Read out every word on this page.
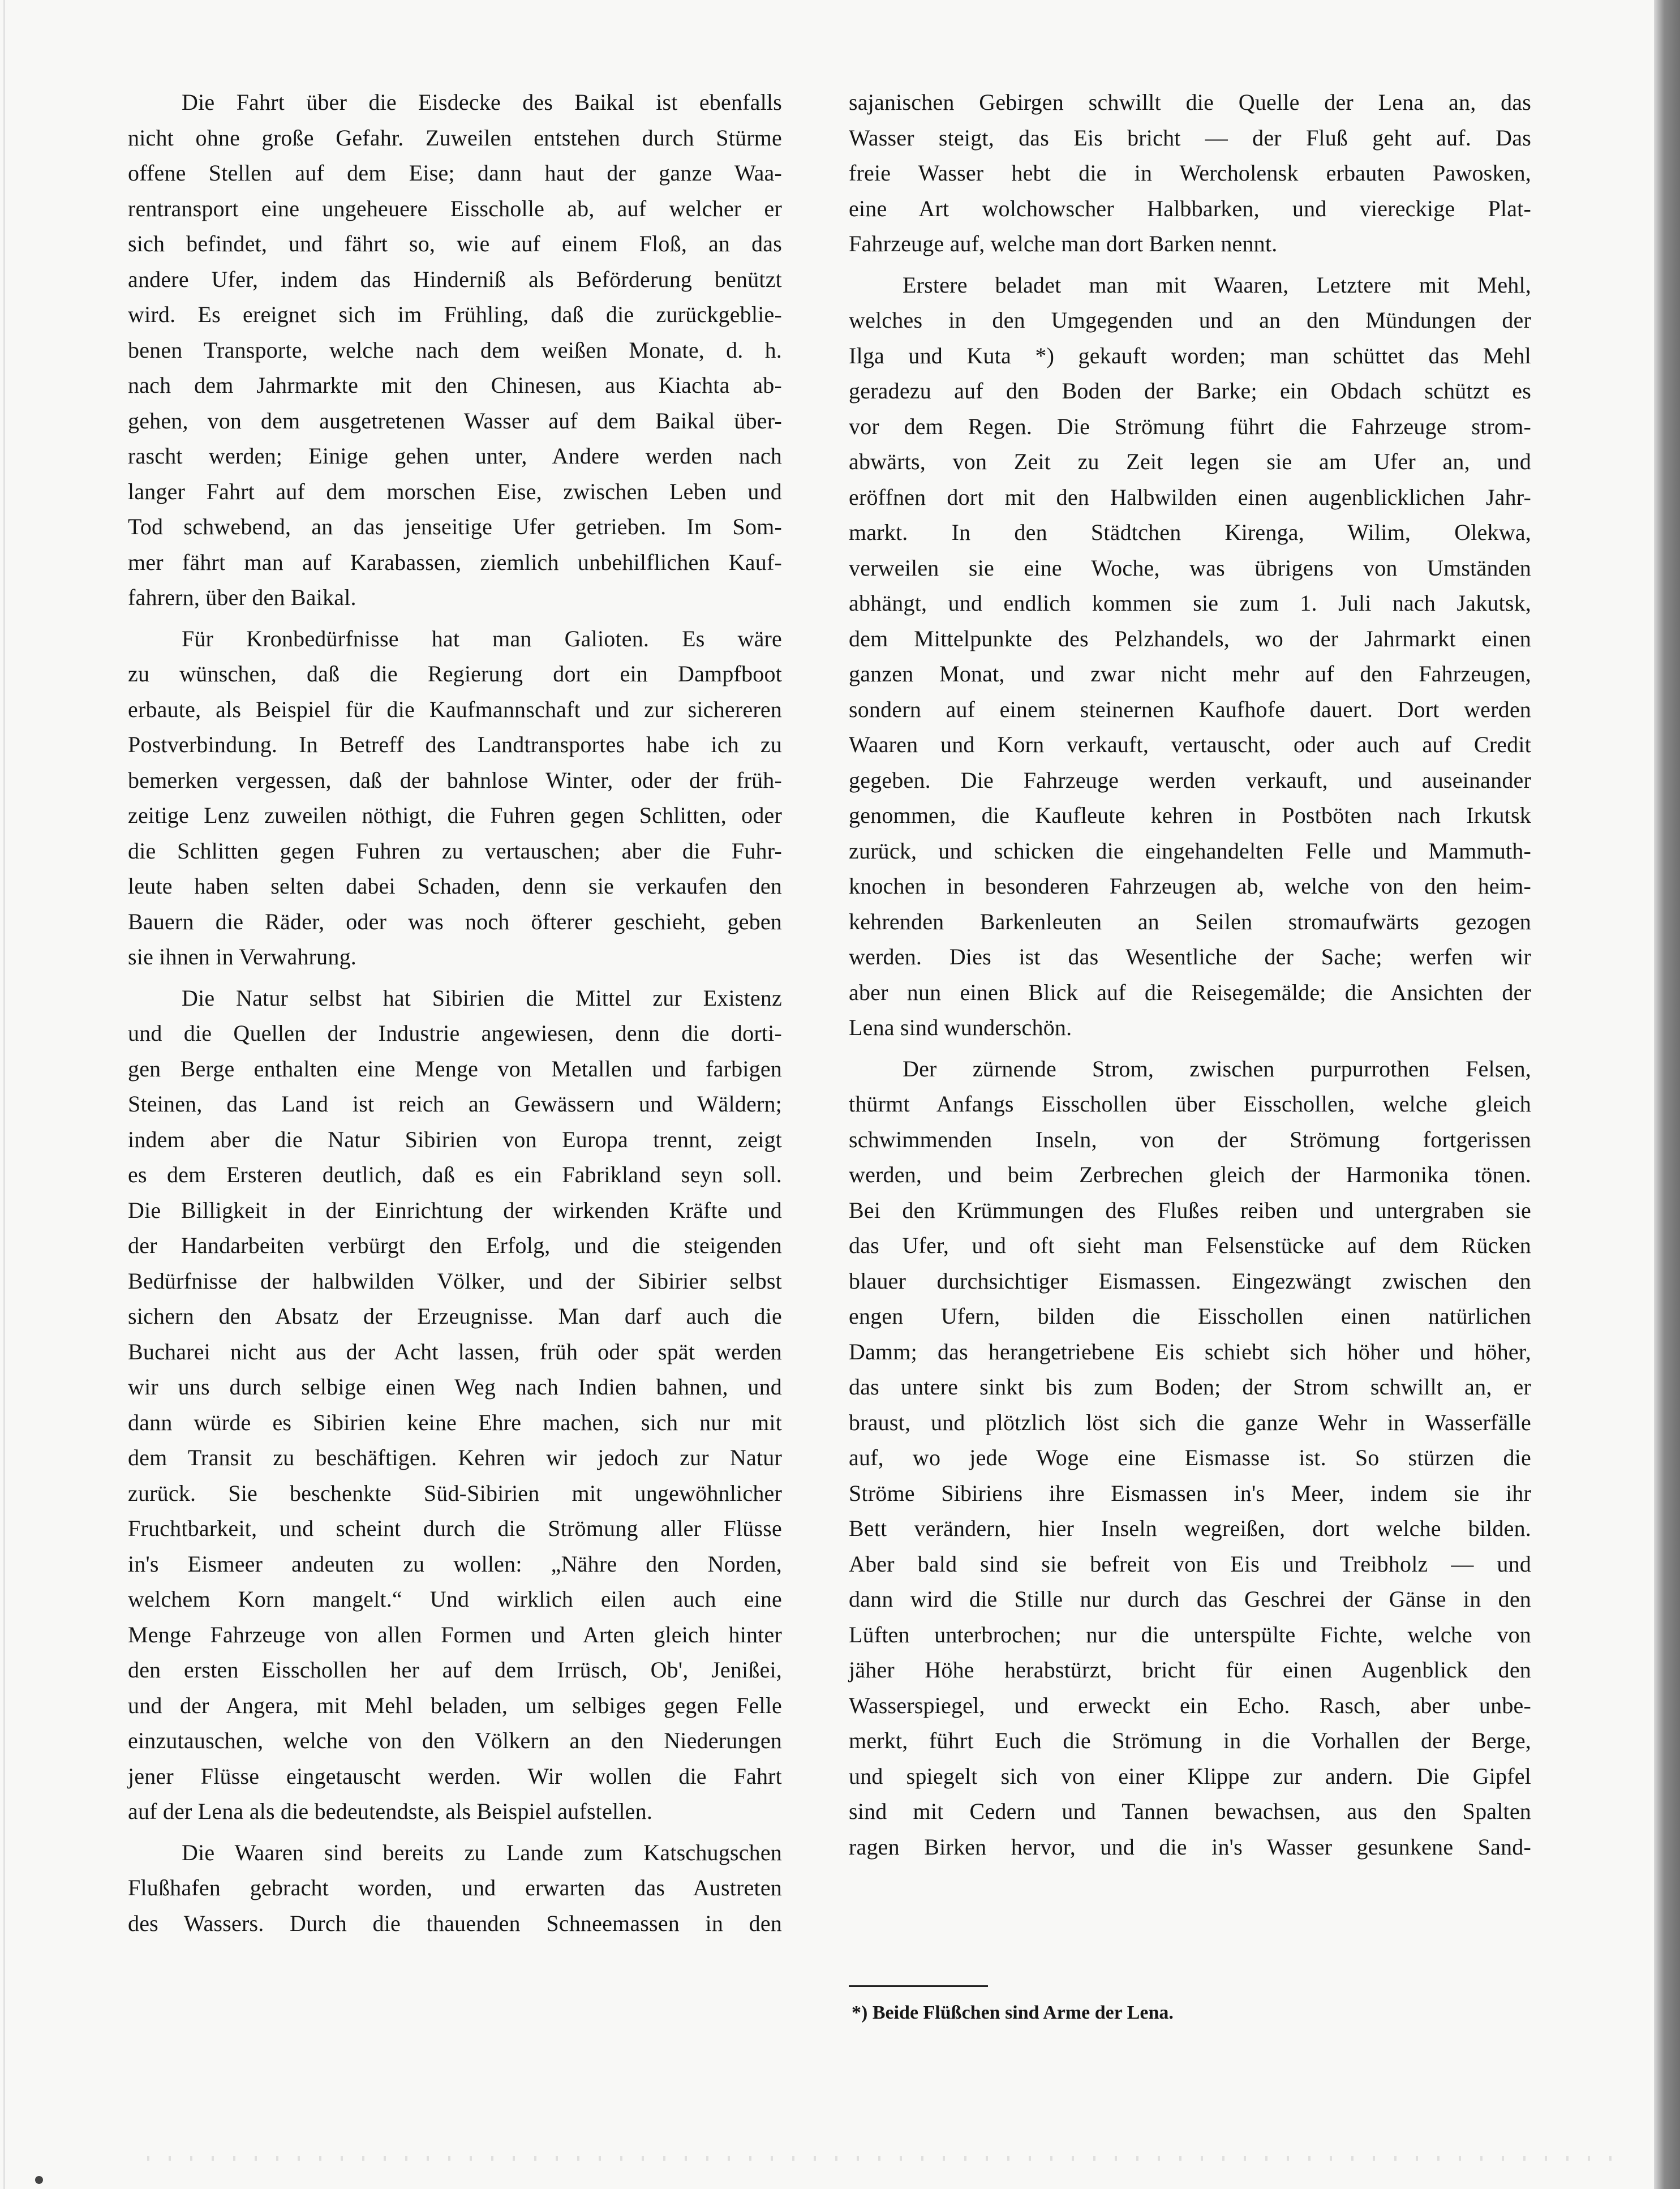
Die Fahrt über die Eisdecke des Baikal ist ebenfalls
nicht ohne große Gefahr. Zuweilen entstehen durch Stürme
offene Stellen auf dem Eise; dann haut der ganze Waa-
rentransport eine ungeheuere Eisscholle ab, auf welcher er
sich befindet, und fährt so, wie auf einem Floß, an das
andere Ufer, indem das Hinderniß als Beförderung benützt
wird. Es ereignet sich im Frühling, daß die zurückgeblie-
benen Transporte, welche nach dem weißen Monate, d. h.
nach dem Jahrmarkte mit den Chinesen, aus Kiachta ab-
gehen, von dem ausgetretenen Wasser auf dem Baikal über-
rascht werden; Einige gehen unter, Andere werden nach
langer Fahrt auf dem morschen Eise, zwischen Leben und
Tod schwebend, an das jenseitige Ufer getrieben. Im Som-
mer fährt man auf Karabassen, ziemlich unbehilflichen Kauf-
fahrern, über den Baikal.
Für Kronbedürfnisse hat man Galioten. Es wäre
zu wünschen, daß die Regierung dort ein Dampfboot
erbaute, als Beispiel für die Kaufmannschaft und zur sichereren
Postverbindung. In Betreff des Landtransportes habe ich zu
bemerken vergessen, daß der bahnlose Winter, oder der früh-
zeitige Lenz zuweilen nöthigt, die Fuhren gegen Schlitten, oder
die Schlitten gegen Fuhren zu vertauschen; aber die Fuhr-
leute haben selten dabei Schaden, denn sie verkaufen den
Bauern die Räder, oder was noch öfterer geschieht, geben
sie ihnen in Verwahrung.
Die Natur selbst hat Sibirien die Mittel zur Existenz
und die Quellen der Industrie angewiesen, denn die dorti-
gen Berge enthalten eine Menge von Metallen und farbigen
Steinen, das Land ist reich an Gewässern und Wäldern;
indem aber die Natur Sibirien von Europa trennt, zeigt
es dem Ersteren deutlich, daß es ein Fabrikland seyn soll.
Die Billigkeit in der Einrichtung der wirkenden Kräfte und
der Handarbeiten verbürgt den Erfolg, und die steigenden
Bedürfnisse der halbwilden Völker, und der Sibirier selbst
sichern den Absatz der Erzeugnisse. Man darf auch die
Bucharei nicht aus der Acht lassen, früh oder spät werden
wir uns durch selbige einen Weg nach Indien bahnen, und
dann würde es Sibirien keine Ehre machen, sich nur mit
dem Transit zu beschäftigen. Kehren wir jedoch zur Natur
zurück. Sie beschenkte Süd-Sibirien mit ungewöhnlicher
Fruchtbarkeit, und scheint durch die Strömung aller Flüsse
in's Eismeer andeuten zu wollen: „Nähre den Norden,
welchem Korn mangelt.“ Und wirklich eilen auch eine
Menge Fahrzeuge von allen Formen und Arten gleich hinter
den ersten Eisschollen her auf dem Irrüsch, Ob', Jenißei,
und der Angera, mit Mehl beladen, um selbiges gegen Felle
einzutauschen, welche von den Völkern an den Niederungen
jener Flüsse eingetauscht werden. Wir wollen die Fahrt
auf der Lena als die bedeutendste, als Beispiel aufstellen.
Die Waaren sind bereits zu Lande zum Katschugschen
Flußhafen gebracht worden, und erwarten das Austreten
des Wassers. Durch die thauenden Schneemassen in den
sajanischen Gebirgen schwillt die Quelle der Lena an, das
Wasser steigt, das Eis bricht — der Fluß geht auf. Das
freie Wasser hebt die in Wercholensk erbauten Pawosken,
eine Art wolchowscher Halbbarken, und viereckige Plat-
Fahrzeuge auf, welche man dort Barken nennt.
Erstere beladet man mit Waaren, Letztere mit Mehl,
welches in den Umgegenden und an den Mündungen der
Ilga und Kuta *) gekauft worden; man schüttet das Mehl
geradezu auf den Boden der Barke; ein Obdach schützt es
vor dem Regen. Die Strömung führt die Fahrzeuge strom-
abwärts, von Zeit zu Zeit legen sie am Ufer an, und
eröffnen dort mit den Halbwilden einen augenblicklichen Jahr-
markt. In den Städtchen Kirenga, Wilim, Olekwa,
verweilen sie eine Woche, was übrigens von Umständen
abhängt, und endlich kommen sie zum 1. Juli nach Jakutsk,
dem Mittelpunkte des Pelzhandels, wo der Jahrmarkt einen
ganzen Monat, und zwar nicht mehr auf den Fahrzeugen,
sondern auf einem steinernen Kaufhofe dauert. Dort werden
Waaren und Korn verkauft, vertauscht, oder auch auf Credit
gegeben. Die Fahrzeuge werden verkauft, und auseinander
genommen, die Kaufleute kehren in Postböten nach Irkutsk
zurück, und schicken die eingehandelten Felle und Mammuth-
knochen in besonderen Fahrzeugen ab, welche von den heim-
kehrenden Barkenleuten an Seilen stromaufwärts gezogen
werden. Dies ist das Wesentliche der Sache; werfen wir
aber nun einen Blick auf die Reisegemälde; die Ansichten der
Lena sind wunderschön.
Der zürnende Strom, zwischen purpurrothen Felsen,
thürmt Anfangs Eisschollen über Eisschollen, welche gleich
schwimmenden Inseln, von der Strömung fortgerissen
werden, und beim Zerbrechen gleich der Harmonika tönen.
Bei den Krümmungen des Flußes reiben und untergraben sie
das Ufer, und oft sieht man Felsenstücke auf dem Rücken
blauer durchsichtiger Eismassen. Eingezwängt zwischen den
engen Ufern, bilden die Eisschollen einen natürlichen
Damm; das herangetriebene Eis schiebt sich höher und höher,
das untere sinkt bis zum Boden; der Strom schwillt an, er
braust, und plötzlich löst sich die ganze Wehr in Wasserfälle
auf, wo jede Woge eine Eismasse ist. So stürzen die
Ströme Sibiriens ihre Eismassen in's Meer, indem sie ihr
Bett verändern, hier Inseln wegreißen, dort welche bilden.
Aber bald sind sie befreit von Eis und Treibholz — und
dann wird die Stille nur durch das Geschrei der Gänse in den
Lüften unterbrochen; nur die unterspülte Fichte, welche von
jäher Höhe herabstürzt, bricht für einen Augenblick den
Wasserspiegel, und erweckt ein Echo. Rasch, aber unbe-
merkt, führt Euch die Strömung in die Vorhallen der Berge,
und spiegelt sich von einer Klippe zur andern. Die Gipfel
sind mit Cedern und Tannen bewachsen, aus den Spalten
ragen Birken hervor, und die in's Wasser gesunkene Sand-
*) Beide Flüßchen sind Arme der Lena.
